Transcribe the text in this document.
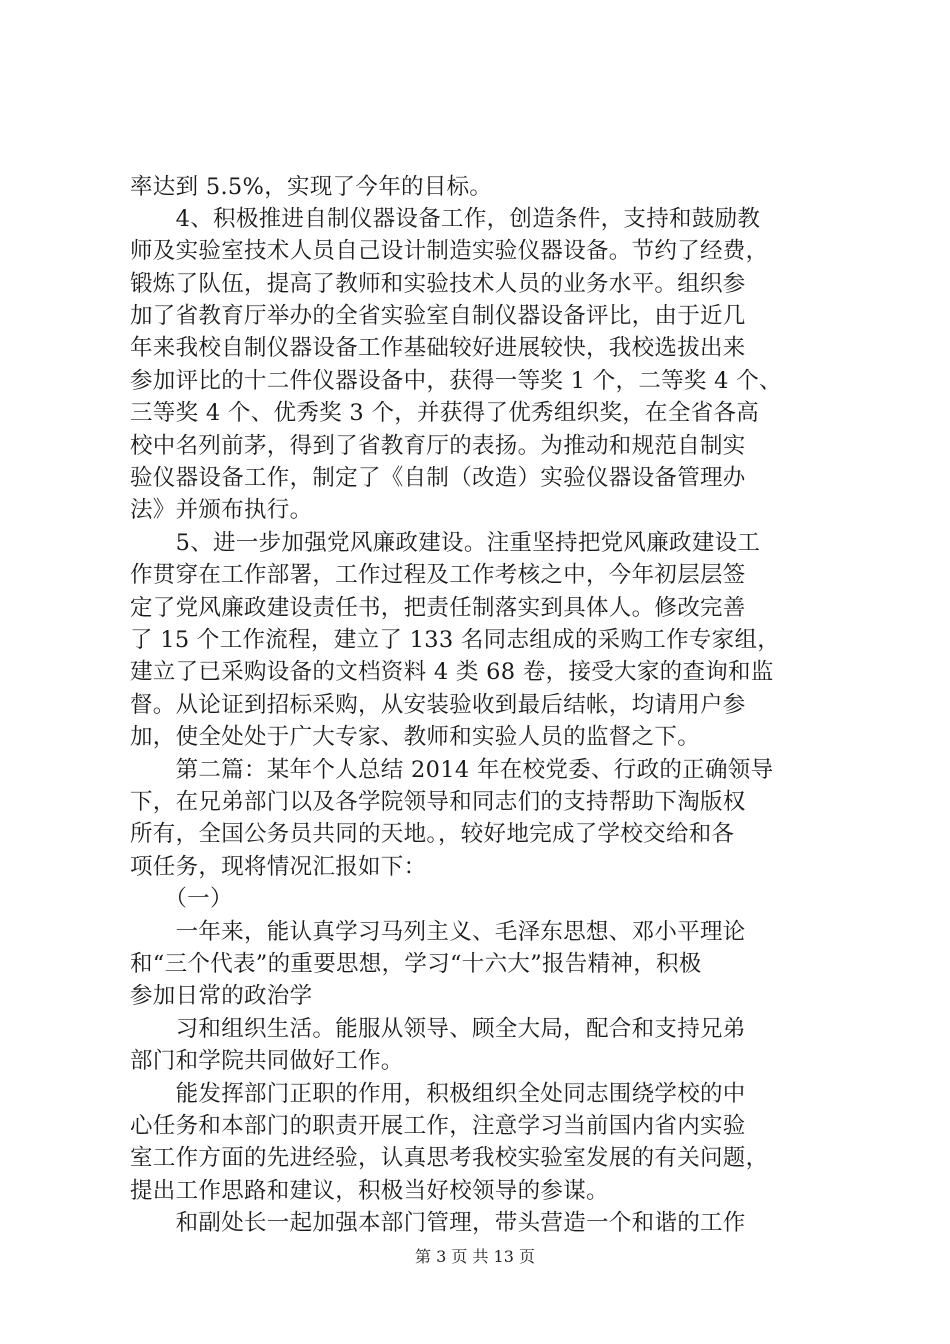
率达到 5.5%，实现了今年的目标。
　　4、积极推进自制仪器设备工作，创造条件，支持和鼓励教
师及实验室技术人员自己设计制造实验仪器设备。节约了经费，
锻炼了队伍，提高了教师和实验技术人员的业务水平。组织参
加了省教育厅举办的全省实验室自制仪器设备评比，由于近几
年来我校自制仪器设备工作基础较好进展较快，我校选拔出来
参加评比的十二件仪器设备中，获得一等奖 1 个，二等奖 4 个、
三等奖 4 个、优秀奖 3 个，并获得了优秀组织奖，在全省各高
校中名列前茅，得到了省教育厅的表扬。为推动和规范自制实
验仪器设备工作，制定了《自制（改造）实验仪器设备管理办
法》并颁布执行。
　　5、进一步加强党风廉政建设。注重坚持把党风廉政建设工
作贯穿在工作部署，工作过程及工作考核之中，今年初层层签
定了党风廉政建设责任书，把责任制落实到具体人。修改完善
了 15 个工作流程，建立了 133 名同志组成的采购工作专家组，
建立了已采购设备的文档资料 4 类 68 卷，接受大家的查询和监
督。从论证到招标采购，从安装验收到最后结帐，均请用户参
加，使全处处于广大专家、教师和实验人员的监督之下。
　　第二篇：某年个人总结 2014 年在校党委、行政的正确领导
下，在兄弟部门以及各学院领导和同志们的支持帮助下淘版权
所有，全国公务员共同的天地。，较好地完成了学校交给和各
项任务，现将情况汇报如下：
　　（一）
　　一年来，能认真学习马列主义、毛泽东思想、邓小平理论
和“三个代表”的重要思想，学习“十六大”报告精神，积极
参加日常的政治学
　　习和组织生活。能服从领导、顾全大局，配合和支持兄弟
部门和学院共同做好工作。
　　能发挥部门正职的作用，积极组织全处同志围绕学校的中
心任务和本部门的职责开展工作，注意学习当前国内省内实验
室工作方面的先进经验，认真思考我校实验室发展的有关问题，
提出工作思路和建议，积极当好校领导的参谋。
　　和副处长一起加强本部门管理，带头营造一个和谐的工作
第 3 页 共 13 页
